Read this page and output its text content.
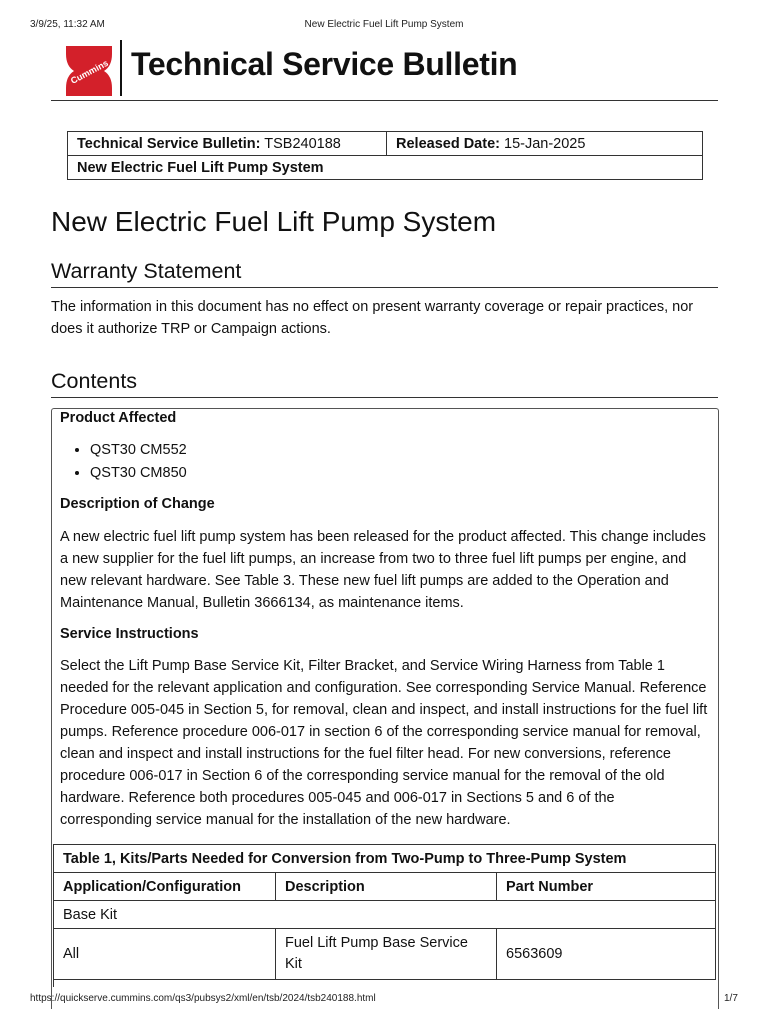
3/9/25, 11:32 AM	New Electric Fuel Lift Pump System
Cummins Technical Service Bulletin
Technical Service Bulletin: TSB240188	Released Date: 15-Jan-2025
New Electric Fuel Lift Pump System
New Electric Fuel Lift Pump System
Warranty Statement
The information in this document has no effect on present warranty coverage or repair practices, nor does it authorize TRP or Campaign actions.
Contents
Product Affected
• QST30 CM552
• QST30 CM850
Description of Change
A new electric fuel lift pump system has been released for the product affected. This change includes a new supplier for the fuel lift pumps, an increase from two to three fuel lift pumps per engine, and new relevant hardware. See Table 3. These new fuel lift pumps are added to the Operation and Maintenance Manual, Bulletin 3666134, as maintenance items.
Service Instructions
Select the Lift Pump Base Service Kit, Filter Bracket, and Service Wiring Harness from Table 1 needed for the relevant application and configuration. See corresponding Service Manual. Reference Procedure 005-045 in Section 5, for removal, clean and inspect, and install instructions for the fuel lift pumps. Reference procedure 006-017 in section 6 of the corresponding service manual for removal, clean and inspect and install instructions for the fuel filter head. For new conversions, reference procedure 006-017 in Section 6 of the corresponding service manual for the removal of the old hardware. Reference both procedures 005-045 and 006-017 in Sections 5 and 6 of the corresponding service manual for the installation of the new hardware.
Table 1, Kits/Parts Needed for Conversion from Two-Pump to Three-Pump System		
Application/Configuration	Description	Part Number
Base Kit		
All	Fuel Lift Pump Base Service Kit	6563609
https://quickserve.cummins.com/qs3/pubsys2/xml/en/tsb/2024/tsb240188.html	1/7
